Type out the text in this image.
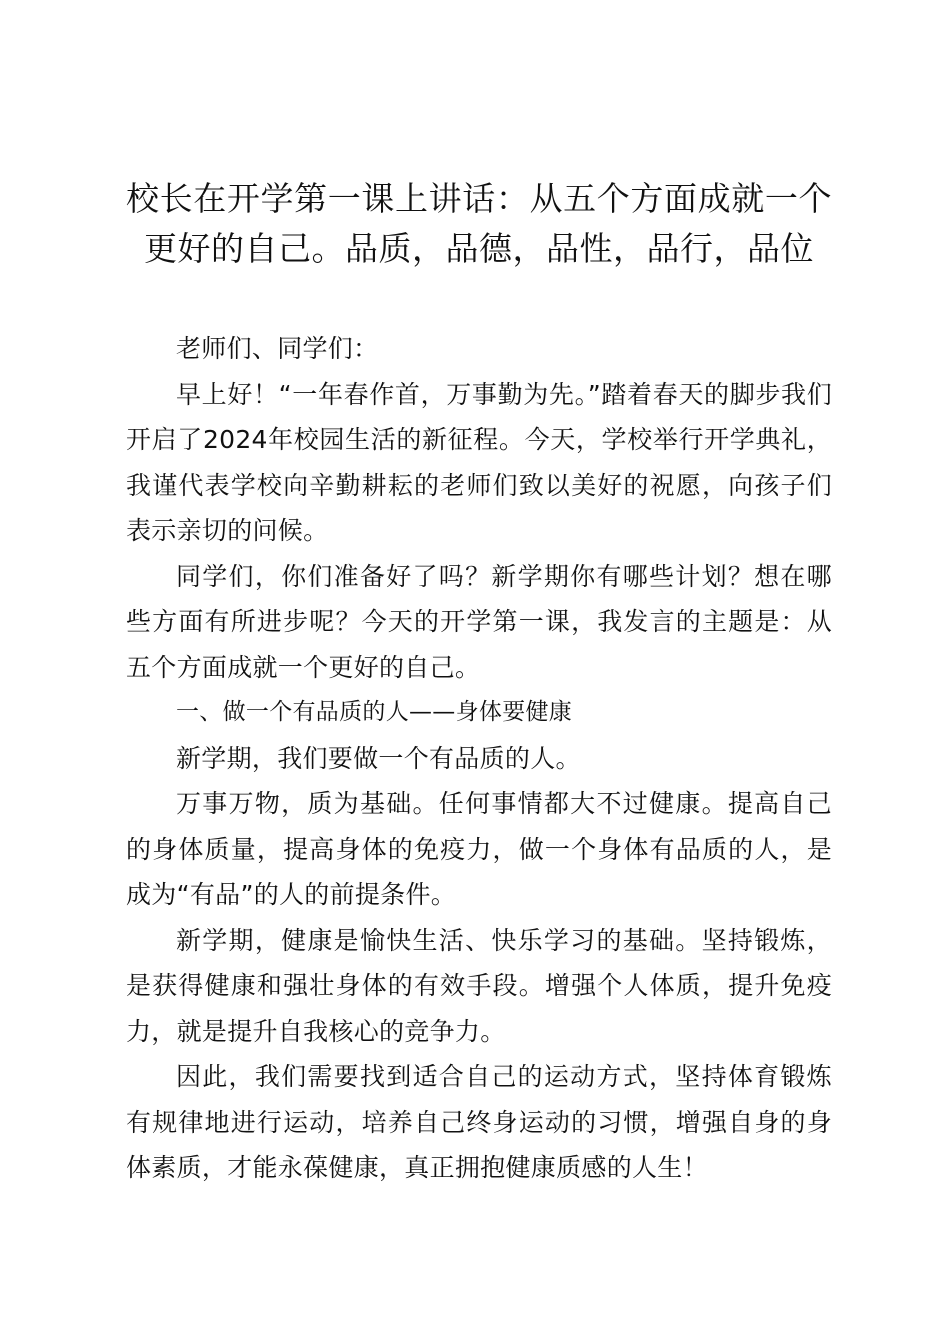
校长在开学第一课上讲话：从五个方面成就一个更好的自己。品质，品德，品性，品行，品位

老师们、同学们：

早上好！“一年春作首，万事勤为先。”踏着春天的脚步我们开启了2024年校园生活的新征程。今天，学校举行开学典礼，我谨代表学校向辛勤耕耘的老师们致以美好的祝愿，向孩子们表示亲切的问候。

同学们，你们准备好了吗？新学期你有哪些计划？想在哪些方面有所进步呢？今天的开学第一课，我发言的主题是：从五个方面成就一个更好的自己。

一、做一个有品质的人——身体要健康

新学期，我们要做一个有品质的人。

万事万物，质为基础。任何事情都大不过健康。提高自己的身体质量，提高身体的免疫力，做一个身体有品质的人，是成为“有品”的人的前提条件。

新学期，健康是愉快生活、快乐学习的基础。坚持锻炼，是获得健康和强壮身体的有效手段。增强个人体质，提升免疫力，就是提升自我核心的竞争力。

因此，我们需要找到适合自己的运动方式，坚持体育锻炼有规律地进行运动，培养自己终身运动的习惯，增强自身的身体素质，才能永葆健康，真正拥抱健康质感的人生！
